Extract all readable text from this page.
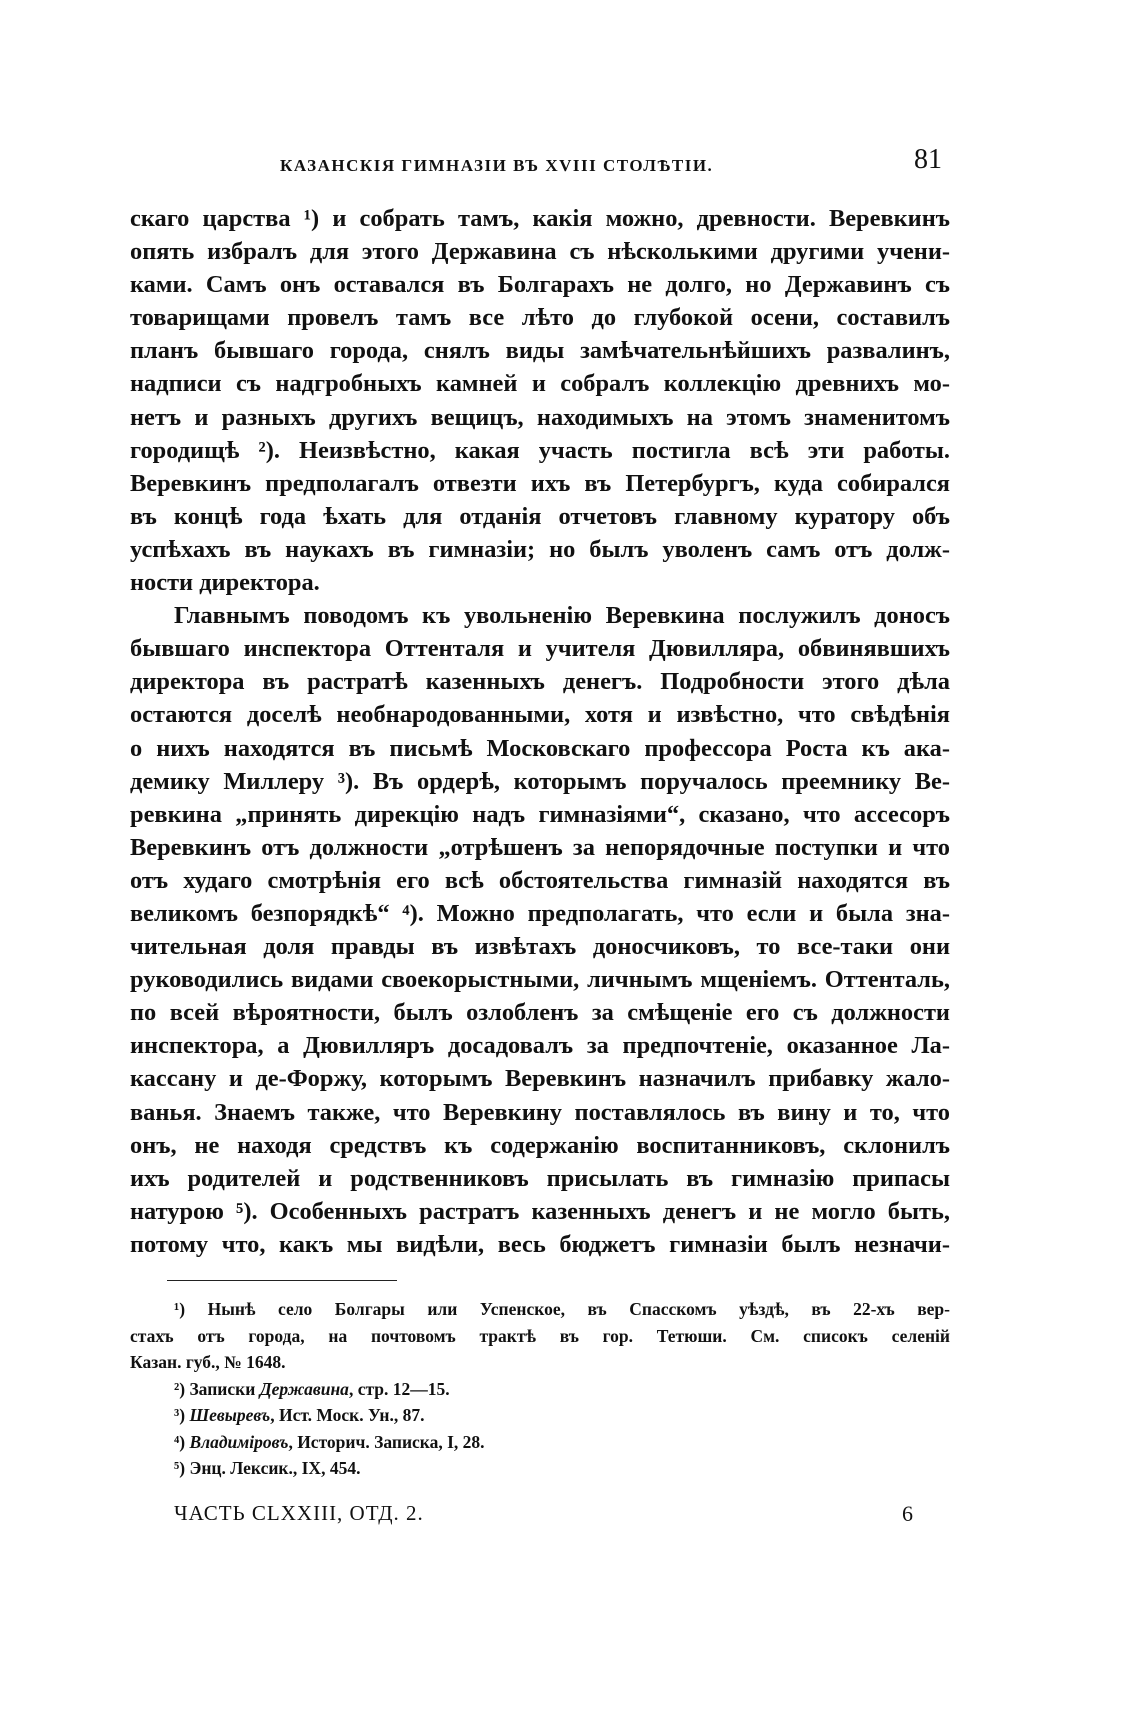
КАЗАНСКІЯ ГИМНАЗІИ ВЪ XVIII СТОЛѢТІИ.	81

скаго царства ¹) и собрать тамъ, какія можно, древности. Веревкинъ
опять избралъ для этого Державина съ нѣсколькими другими учени-
ками. Самъ онъ оставался въ Болгарахъ не долго, но Державинъ съ
товарищами провелъ тамъ все лѣто до глубокой осени, составилъ
планъ бывшаго города, снялъ виды замѣчательнѣйшихъ развалинъ,
надписи съ надгробныхъ камней и собралъ коллекцію древнихъ мо-
нетъ и разныхъ другихъ вещицъ, находимыхъ на этомъ знаменитомъ
городищѣ ²). Неизвѣстно, какая участь постигла всѣ эти работы.
Веревкинъ предполагалъ отвезти ихъ въ Петербургъ, куда собирался
въ концѣ года ѣхать для отданія отчетовъ главному куратору объ
успѣхахъ въ наукахъ въ гимназіи; но былъ уволенъ самъ отъ долж-
ности директора.

Главнымъ поводомъ къ увольненію Веревкина послужилъ доносъ
бывшаго инспектора Оттенталя и учителя Дювилляра, обвинявшихъ
директора въ растратѣ казенныхъ денегъ. Подробности этого дѣла
остаются доселѣ необнародованными, хотя и извѣстно, что свѣдѣнія
о нихъ находятся въ письмѣ Московскаго профессора Роста къ ака-
демику Миллеру ³). Въ ордерѣ, которымъ поручалось преемнику Ве-
ревкина „принять дирекцію надъ гимназіями“, сказано, что ассесоръ
Веревкинъ отъ должности „отрѣшенъ за непорядочные поступки и что
отъ худаго смотрѣнія его всѣ обстоятельства гимназій находятся въ
великомъ безпорядкѣ“ ⁴). Можно предполагать, что если и была зна-
чительная доля правды въ извѣтахъ доносчиковъ, то все-таки они
руководились видами своекорыстными, личнымъ мщеніемъ. Оттенталь,
по всей вѣроятности, былъ озлобленъ за смѣщеніе его съ должности
инспектора, а Дювилляръ досадовалъ за предпочтеніе, оказанное Ла-
кассану и де-Форжу, которымъ Веревкинъ назначилъ прибавку жало-
ванья. Знаемъ также, что Веревкину поставлялось въ вину и то, что
онъ, не находя средствъ къ содержанію воспитанниковъ, склонилъ
ихъ родителей и родственниковъ присылать въ гимназію припасы
натурою ⁵). Особенныхъ растратъ казенныхъ денегъ и не могло быть,
потому что, какъ мы видѣли, весь бюджетъ гимназіи былъ незначи-

¹) Нынѣ село Болгары или Успенское, въ Спасскомъ уѣздѣ, въ 22-хъ вер-
стахъ отъ города, на почтовомъ трактѣ въ гор. Тетюши. См. списокъ селеній
Казан. губ., № 1648.
²) Записки Державина, стр. 12—15.
³) Шевыревъ, Ист. Моск. Ун., 87.
⁴) Владиміровъ, Историч. Записка, I, 28.
⁵) Энц. Лексик., IX, 454.
ЧАСТЬ CLXXIII, ОТД. 2.	6
